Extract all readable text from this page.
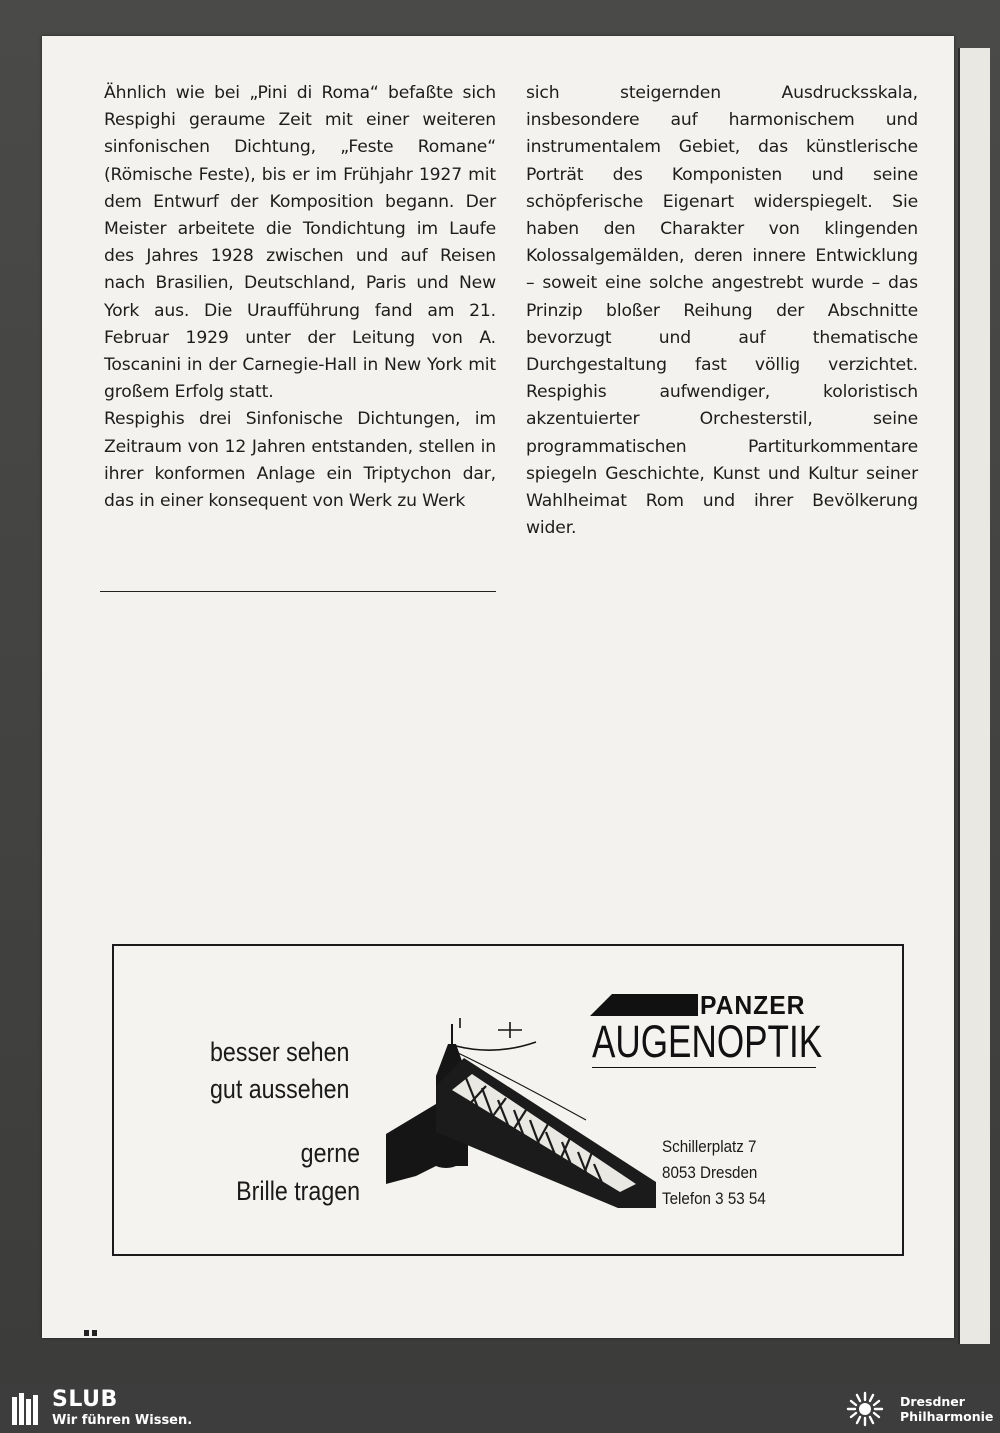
Ähnlich wie bei „Pini di Roma“ befaßte sich Respighi geraume Zeit mit einer weiteren sinfonischen Dichtung, „Feste Romane“ (Römische Feste), bis er im Frühjahr 1927 mit dem Entwurf der Komposition begann. Der Meister arbeitete die Tondichtung im Laufe des Jahres 1928 zwischen und auf Reisen nach Brasilien, Deutschland, Paris und New York aus. Die Uraufführung fand am 21. Februar 1929 unter der Leitung von A. Toscanini in der Carnegie-Hall in New York mit großem Erfolg statt.

Respighis drei Sinfonische Dichtungen, im Zeitraum von 12 Jahren entstanden, stellen in ihrer konformen Anlage ein Triptychon dar, das in einer konsequent von Werk zu Werk

sich steigernden Ausdrucksskala, insbesondere auf harmonischem und instrumentalem Gebiet, das künstlerische Porträt des Komponisten und seine schöpferische Eigenart widerspiegelt. Sie haben den Charakter von klingenden Kolossalgemälden, deren innere Entwicklung – soweit eine solche angestrebt wurde – das Prinzip bloßer Reihung der Abschnitte bevorzugt und auf thematische Durchgestaltung fast völlig verzichtet. Respighis aufwendiger, koloristisch akzentuierter Orchesterstil, seine programmatischen Partiturkommentare spiegeln Geschichte, Kunst und Kultur seiner Wahlheimat Rom und ihrer Bevölkerung wider.

besser sehen
gut aussehen
gerne
Brille tragen
PANZER
AUGENOPTIK
Schillerplatz 7
8053 Dresden
Telefon 3 53 54
SLUB
Wir führen Wissen.
Dresdner
Philharmonie
